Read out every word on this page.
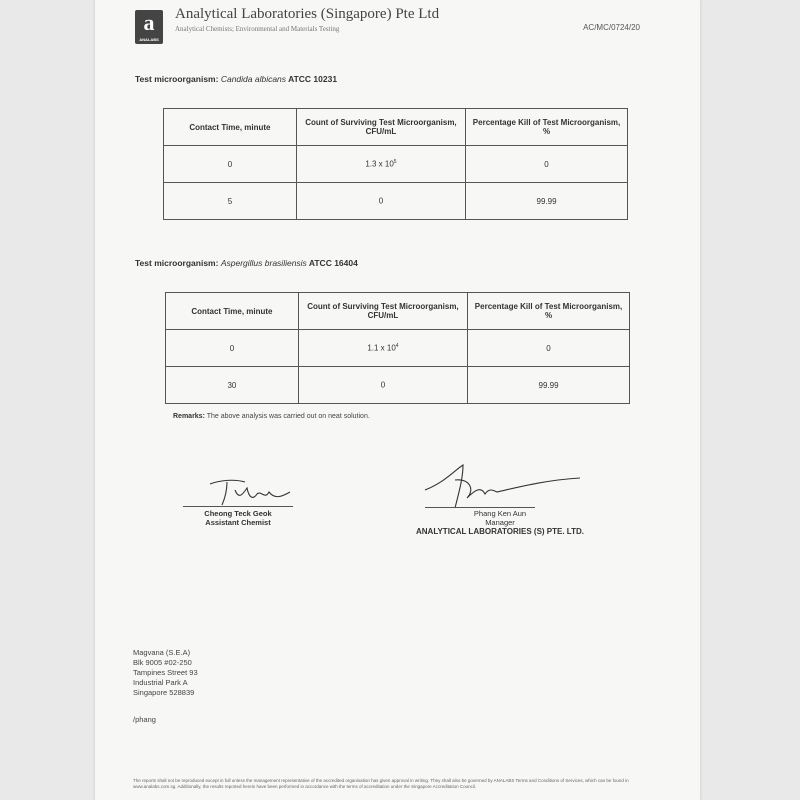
a
ANALABS
Analytical Laboratories (Singapore) Pte Ltd
Analytical Chemists; Environmental and Materials Testing	AC/MC/0724/20
Test microorganism: Candida albicans ATCC 10231
Contact Time, minute	Count of Surviving Test Microorganism, CFU/mL	Percentage Kill of Test Microorganism, %
0	1.3 x $10^5$	0
5	0	99.99
Test microorganism: Aspergillus brasiliensis ATCC 16404
Contact Time, minute	Count of Surviving Test Microorganism, CFU/mL	Percentage Kill of Test Microorganism, %
0	1.1 x $10^4$	0
30	0	99.99
Remarks: The above analysis was carried out on neat solution.
Cheong Teck Geok
Assistant Chemist
Phang Ken Aun
Manager
ANALYTICAL LABORATORIES (S) PTE. LTD.
Magvana (S.E.A)
Blk 9005 #02-250
Tampines Street 93
Industrial Park A
Singapore 528839
/phang
The reports shall not be reproduced except in full unless the management representative of the accredited organisation has given approval in writing. They shall also be governed by ANALABS Terms and Conditions of Services, which can be found in www.analabs.com.sg. Additionally, the results reported herein have been performed in accordance with the terms of accreditation under the Singapore Accreditation Council.
